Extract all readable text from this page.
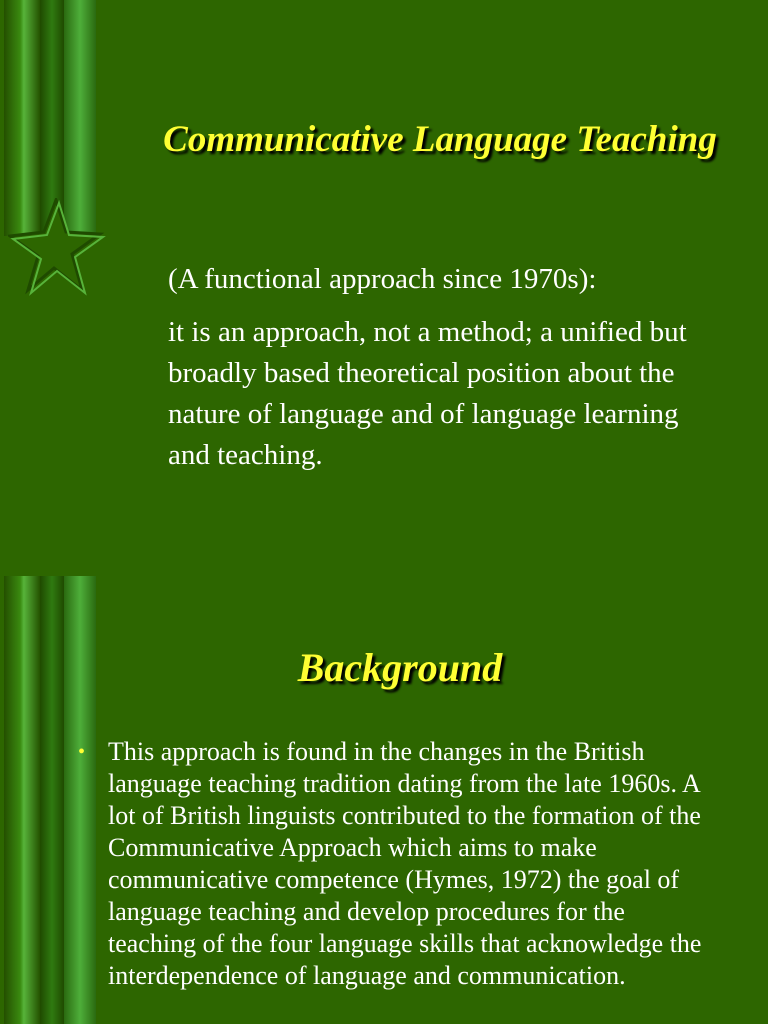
Communicative Language Teaching

(A functional approach since 1970s):

it is an approach, not a method; a unified but broadly based theoretical position about the nature of language and of language learning and teaching.

Background
• This approach is found in the changes in the British language teaching tradition dating from the late 1960s. A lot of British linguists contributed to the formation of the Communicative Approach which aims to make communicative competence (Hymes, 1972) the goal of language teaching and develop procedures for the teaching of the four language skills that acknowledge the interdependence of language and communication.
